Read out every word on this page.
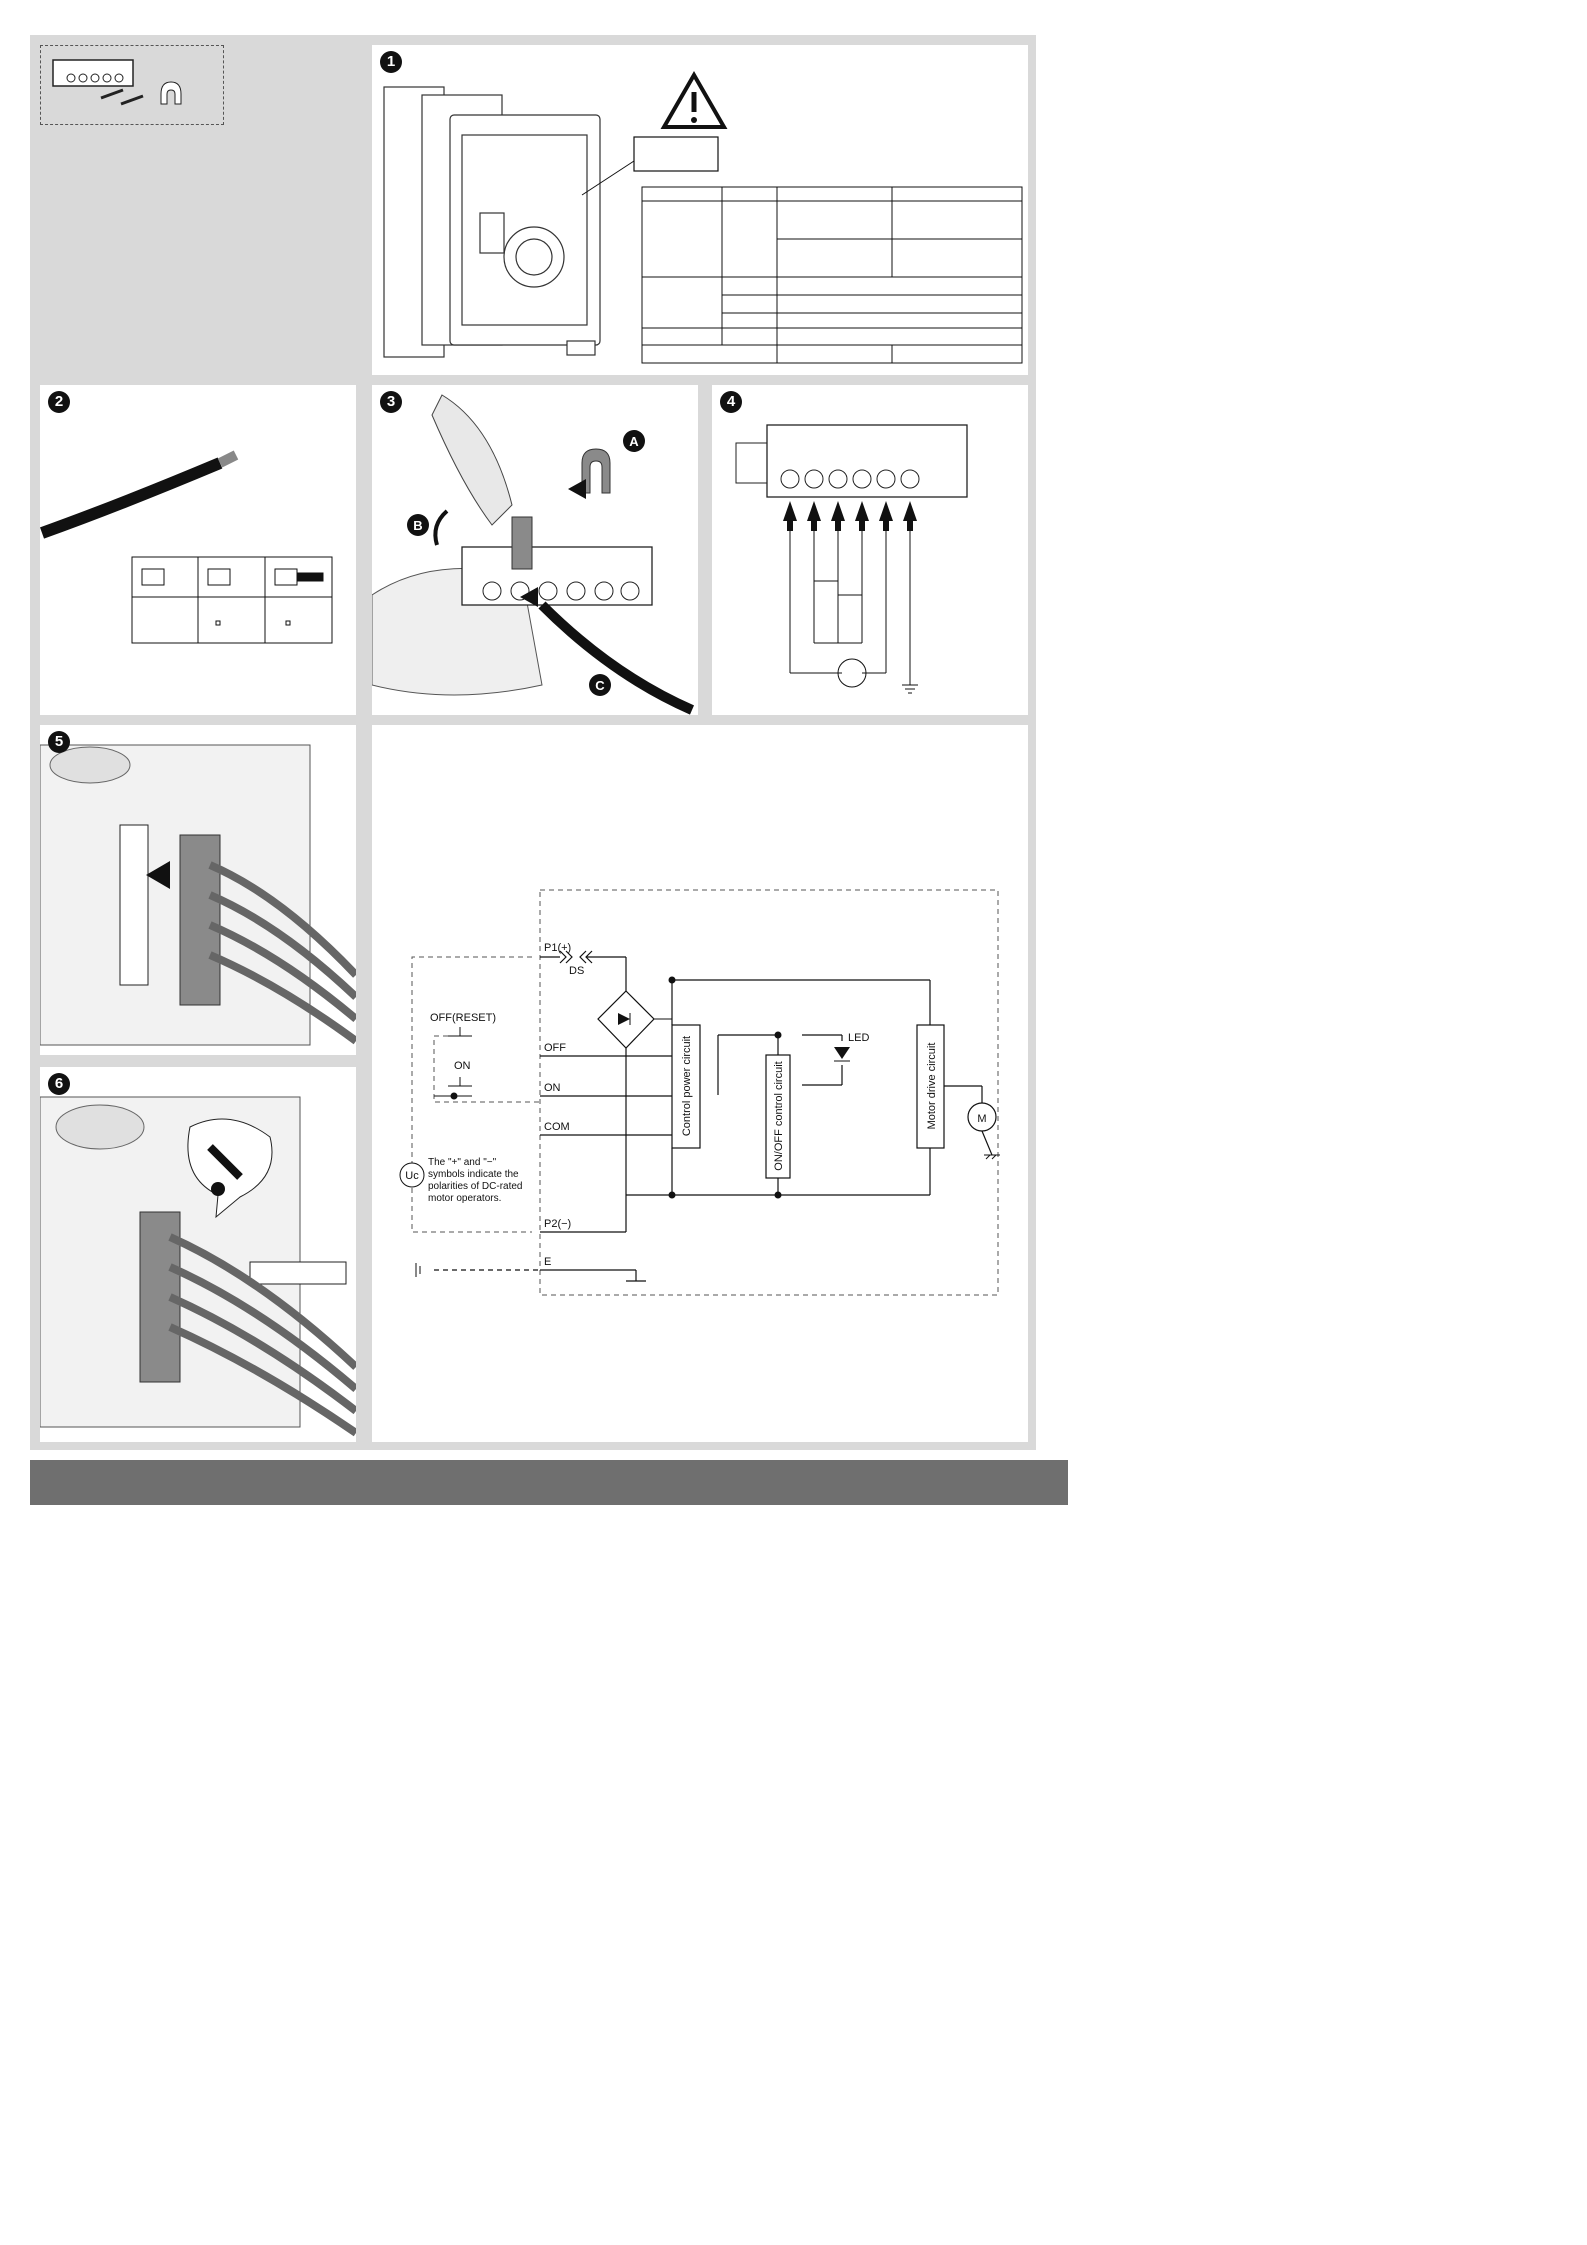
1
2	3
A
B
C
4
5
6	Control power circuit	ON/OFF control circuit	Motor drive circuit
LED
M
Uc
P1(+)
DS
OFF(RESET)
ON
OFF
ON
COM
P2(−)
E
The "+" and "−"
symbols indicate the
polarities of DC-rated
motor operators.
